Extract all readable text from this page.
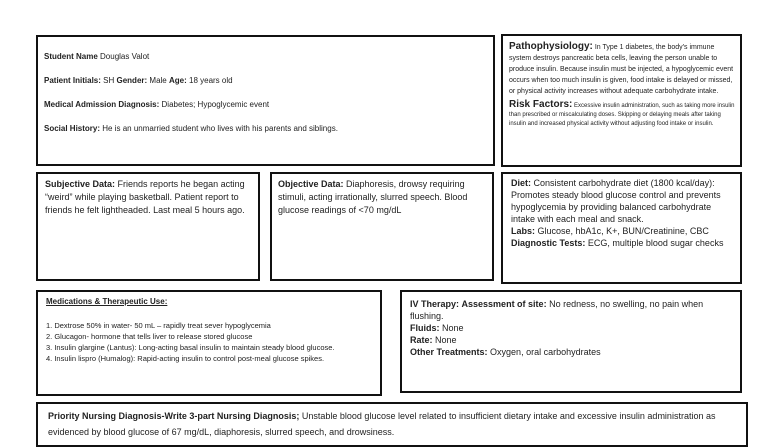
Student Name Douglas Valot
Patient Initials: SH Gender: Male Age: 18 years old
Medical Admission Diagnosis: Diabetes; Hypoglycemic event
Social History: He is an unmarried student who lives with his parents and siblings.
Pathophysiology: In Type 1 diabetes, the body's immune system destroys pancreatic beta cells, leaving the person unable to produce insulin. Because insulin must be injected, a hypoglycemic event occurs when too much insulin is given, food intake is delayed or missed, or physical activity increases without adequate carbohydrate intake.
Risk Factors: Excessive insulin administration, such as taking more insulin than prescribed or miscalculating doses. Skipping or delaying meals after taking insulin and increased physical activity without adjusting food intake or insulin.
Subjective Data: Friends reports he began acting “weird” while playing basketball. Patient report to friends he felt lightheaded. Last meal 5 hours ago.
Objective Data: Diaphoresis, drowsy requiring stimuli, acting irrationally, slurred speech. Blood glucose readings of <70 mg/dL
Diet: Consistent carbohydrate diet (1800 kcal/day): Promotes steady blood glucose control and prevents hypoglycemia by providing balanced carbohydrate intake with each meal and snack.
Labs: Glucose, hbA1c, K+, BUN/Creatinine, CBC
Diagnostic Tests: ECG, multiple blood sugar checks
Medications & Therapeutic Use:
1. Dextrose 50% in water- 50 mL – rapidly treat sever hypoglycemia
2. Glucagon- hormone that tells liver to release stored glucose
3. Insulin glargine (Lantus): Long-acting basal insulin to maintain steady blood glucose.
4. Insulin lispro (Humalog): Rapid-acting insulin to control post-meal glucose spikes.
IV Therapy: Assessment of site: No redness, no swelling, no pain when flushing.
Fluids: None
Rate: None
Other Treatments: Oxygen, oral carbohydrates
Priority Nursing Diagnosis-Write 3-part Nursing Diagnosis; Unstable blood glucose level related to insufficient dietary intake and excessive insulin administration as evidenced by blood glucose of 67 mg/dL, diaphoresis, slurred speech, and drowsiness.
